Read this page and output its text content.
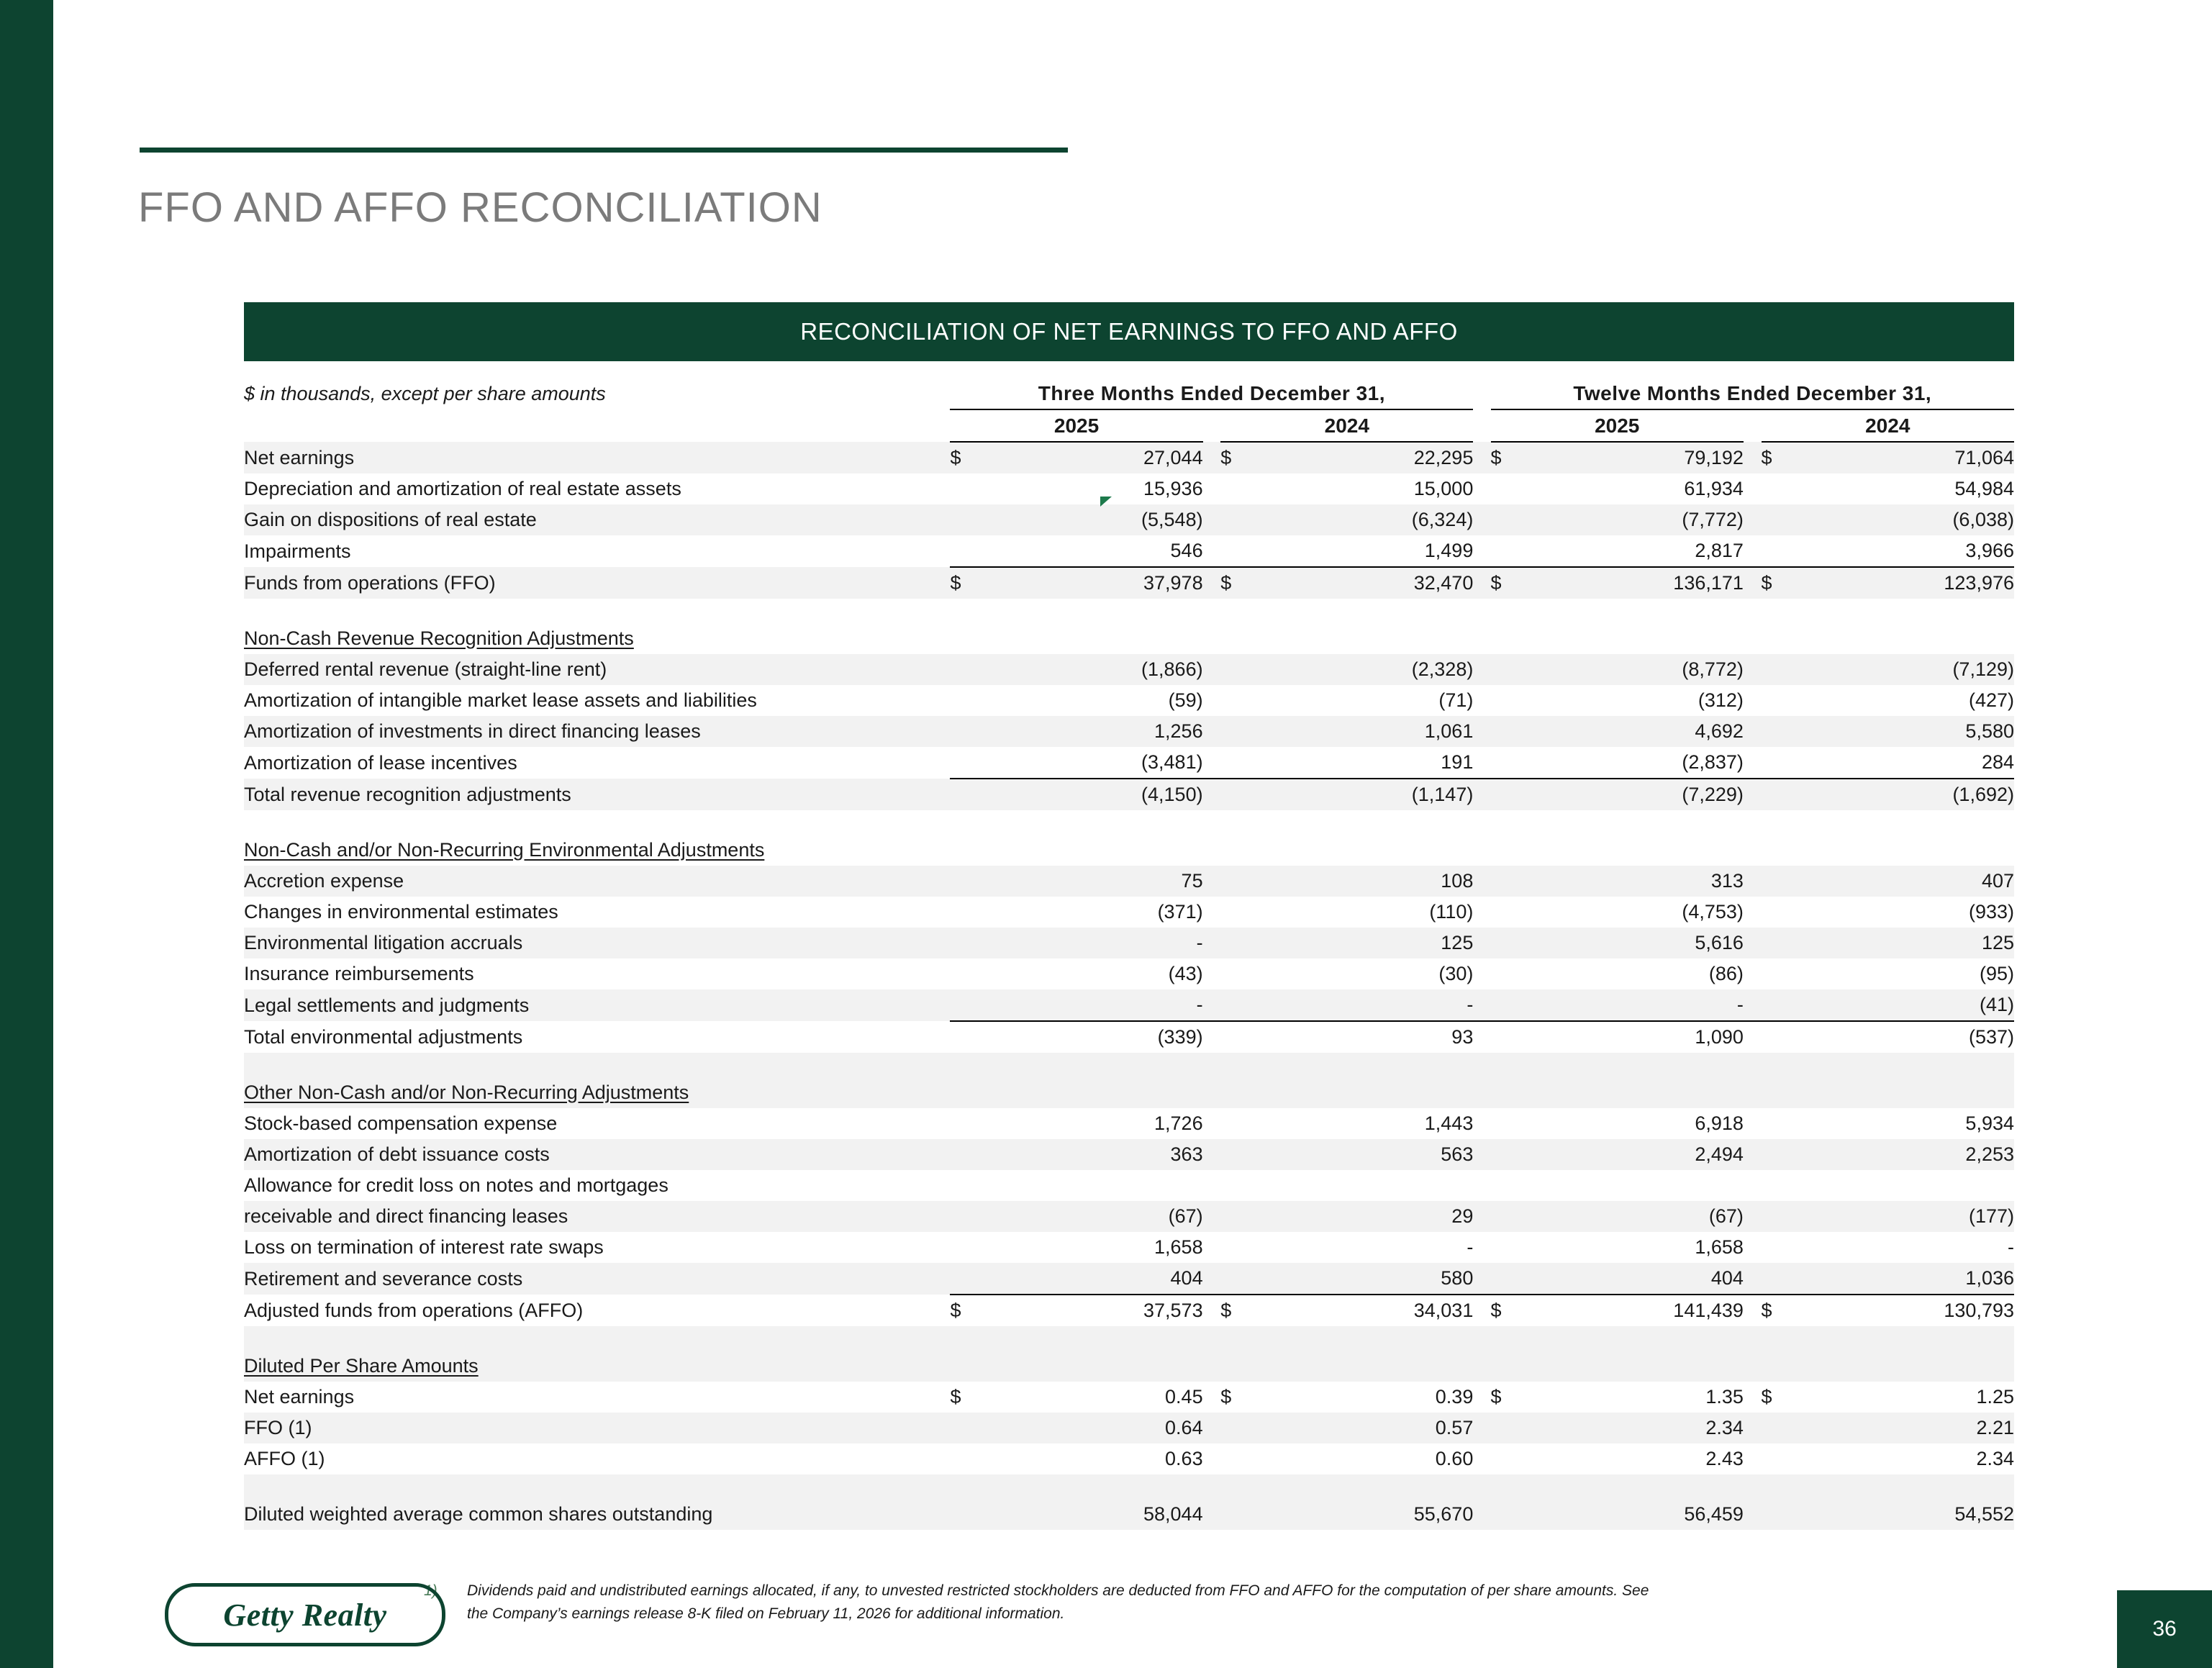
FFO AND AFFO RECONCILIATION
RECONCILIATION OF NET EARNINGS TO FFO AND AFFO
$ in thousands, except per share amounts	Three Months Ended December 31,						Twelve Months Ended December 31,				
	2025			2024			2025			2024	
Net earnings	$	27,044		$	22,295		$	79,192		$	71,064
Depreciation and amortization of real estate assets		15,936			15,000			61,934			54,984
Gain on dispositions of real estate		(5,548)			(6,324)			(7,772)			(6,038)
Impairments		546			1,499			2,817			3,966
Funds from operations (FFO)	$	37,978		$	32,470		$	136,171		$	123,976

Non-Cash Revenue Recognition Adjustments											
Deferred rental revenue (straight-line rent)		(1,866)			(2,328)			(8,772)			(7,129)
Amortization of intangible market lease assets and liabilities		(59)			(71)			(312)			(427)
Amortization of investments in direct financing leases		1,256			1,061			4,692			5,580
Amortization of lease incentives		(3,481)			191			(2,837)			284
Total revenue recognition adjustments		(4,150)			(1,147)			(7,229)			(1,692)

Non-Cash and/or Non-Recurring Environmental Adjustments											
Accretion expense		75			108			313			407
Changes in environmental estimates		(371)			(110)			(4,753)			(933)
Environmental litigation accruals		-			125			5,616			125
Insurance reimbursements		(43)			(30)			(86)			(95)
Legal settlements and judgments		-			-			-			(41)
Total environmental adjustments		(339)			93			1,090			(537)

Other Non-Cash and/or Non-Recurring Adjustments											
Stock-based compensation expense		1,726			1,443			6,918			5,934
Amortization of debt issuance costs		363			563			2,494			2,253
Allowance for credit loss on notes and mortgages											
receivable and direct financing leases		(67)			29			(67)			(177)
Loss on termination of interest rate swaps		1,658			-			1,658			-
Retirement and severance costs		404			580			404			1,036
Adjusted funds from operations (AFFO)	$	37,573		$	34,031		$	141,439		$	130,793

Diluted Per Share Amounts											
Net earnings	$	0.45		$	0.39		$	1.35		$	1.25
FFO (1)		0.64			0.57			2.34			2.21
AFFO (1)		0.63			0.60			2.43			2.34

Diluted weighted average common shares outstanding		58,044			55,670			56,459			54,552
1) Dividends paid and undistributed earnings allocated, if any, to unvested restricted stockholders are deducted from FFO and AFFO for the computation of per share amounts. See
the Company’s earnings release 8-K filed on February 11, 2026 for additional information.
Getty Realty	36
